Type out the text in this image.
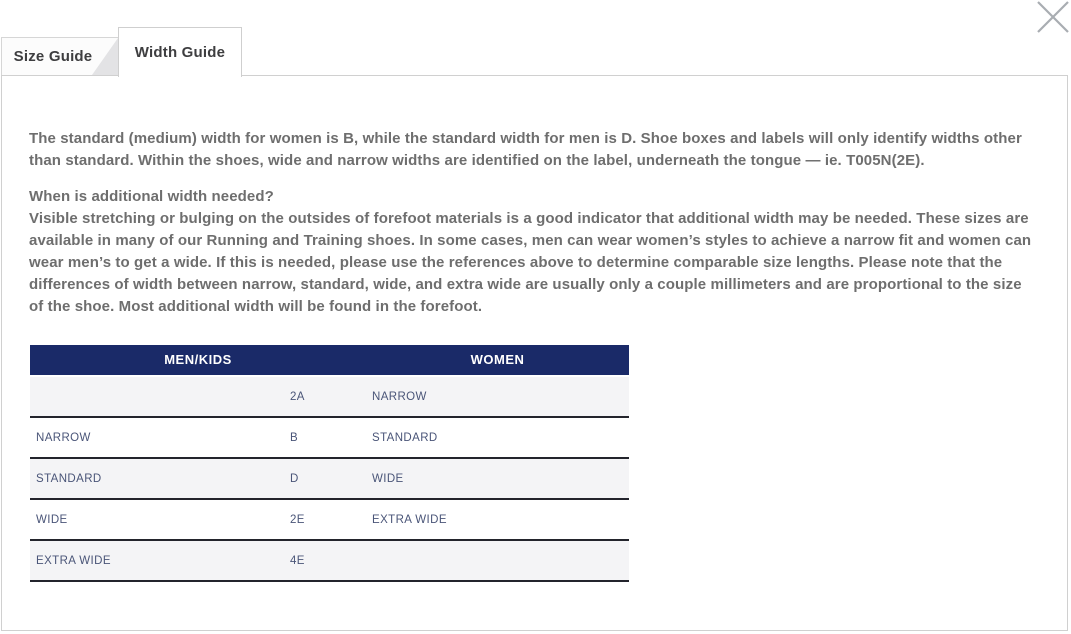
Size Guide	Width Guide

The standard (medium) width for women is B, while the standard width for men is D. Shoe boxes and labels will only identify widths other than standard. Within the shoes, wide and narrow widths are identified on the label, underneath the tongue — ie. T005N(2E).

When is additional width needed?
Visible stretching or bulging on the outsides of forefoot materials is a good indicator that additional width may be needed. These sizes are available in many of our Running and Training shoes. In some cases, men can wear women’s styles to achieve a narrow fit and women can wear men’s to get a wide. If this is needed, please use the references above to determine comparable size lengths. Please note that the differences of width between narrow, standard, wide, and extra wide are usually only a couple millimeters and are proportional to the size of the shoe. Most additional width will be found in the forefoot.
MEN/KIDS		WOMEN
	2A	NARROW
NARROW	B	STANDARD
STANDARD	D	WIDE
WIDE	2E	EXTRA WIDE
EXTRA WIDE	4E	
